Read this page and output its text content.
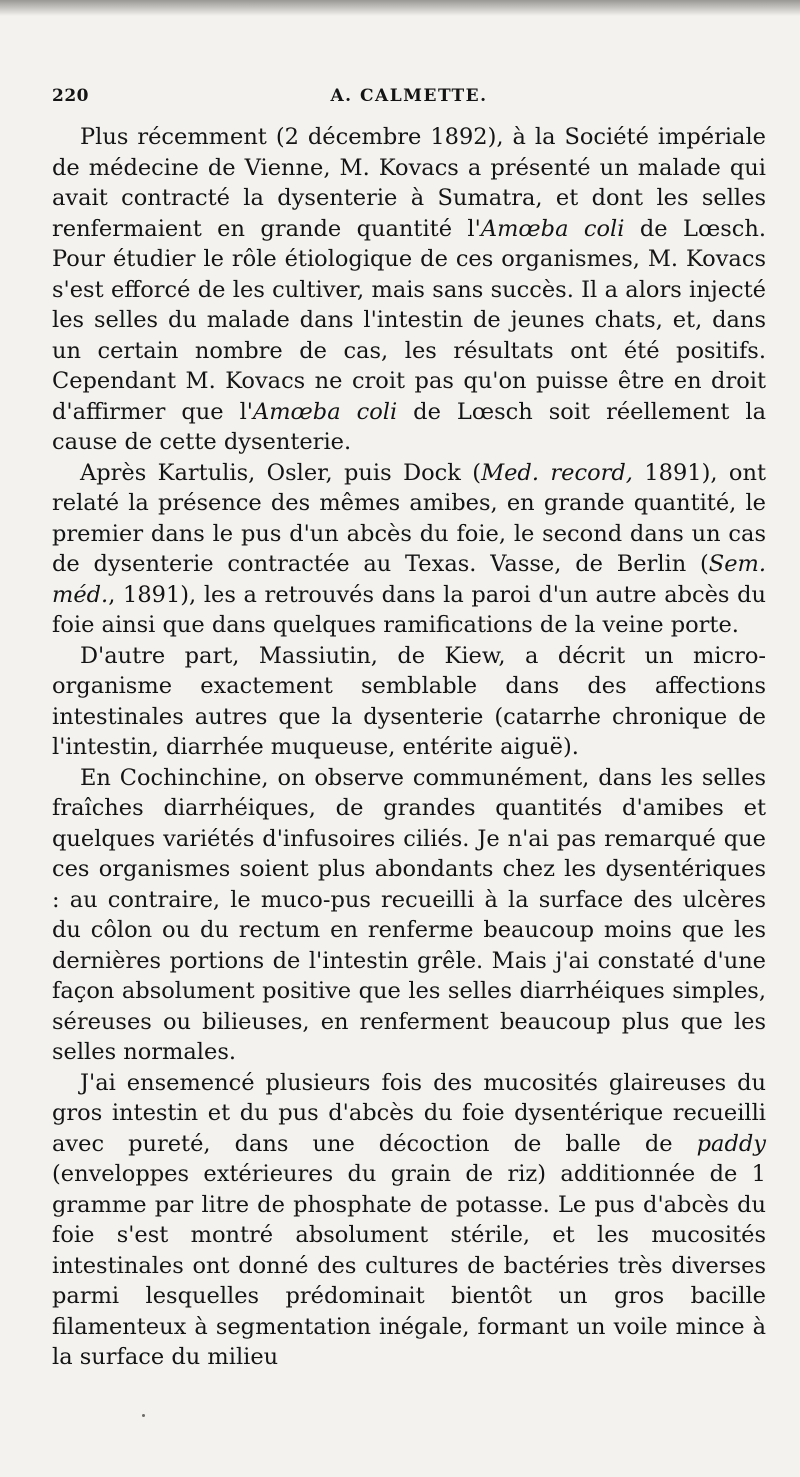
220	A. CALMETTE.

Plus récemment (2 décembre 1892), à la Société impériale de médecine de Vienne, M. Kovacs a présenté un malade qui avait contracté la dysenterie à Sumatra, et dont les selles renfermaient en grande quantité l'Amœba coli de Lœsch. Pour étudier le rôle étiologique de ces organismes, M. Kovacs s'est efforcé de les cultiver, mais sans succès. Il a alors injecté les selles du malade dans l'intestin de jeunes chats, et, dans un certain nombre de cas, les résultats ont été positifs. Cependant M. Kovacs ne croit pas qu'on puisse être en droit d'affirmer que l'Amœba coli de Lœsch soit réellement la cause de cette dysenterie.

Après Kartulis, Osler, puis Dock (Med. record, 1891), ont relaté la présence des mêmes amibes, en grande quantité, le premier dans le pus d'un abcès du foie, le second dans un cas de dysenterie contractée au Texas. Vasse, de Berlin (Sem. méd., 1891), les a retrouvés dans la paroi d'un autre abcès du foie ainsi que dans quelques ramifications de la veine porte.

D'autre part, Massiutin, de Kiew, a décrit un micro-organisme exactement semblable dans des affections intestinales autres que la dysenterie (catarrhe chronique de l'intestin, diarrhée muqueuse, entérite aiguë).

En Cochinchine, on observe communément, dans les selles fraîches diarrhéiques, de grandes quantités d'amibes et quelques variétés d'infusoires ciliés. Je n'ai pas remarqué que ces organismes soient plus abondants chez les dysentériques : au contraire, le muco-pus recueilli à la surface des ulcères du côlon ou du rectum en renferme beaucoup moins que les dernières portions de l'intestin grêle. Mais j'ai constaté d'une façon absolument positive que les selles diarrhéiques simples, séreuses ou bilieuses, en renferment beaucoup plus que les selles normales.

J'ai ensemencé plusieurs fois des mucosités glaireuses du gros intestin et du pus d'abcès du foie dysentérique recueilli avec pureté, dans une décoction de balle de paddy (enveloppes extérieures du grain de riz) additionnée de 1 gramme par litre de phosphate de potasse. Le pus d'abcès du foie s'est montré absolument stérile, et les mucosités intestinales ont donné des cultures de bactéries très diverses parmi lesquelles prédominait bientôt un gros bacille filamenteux à segmentation inégale, formant un voile mince à la surface du milieu
